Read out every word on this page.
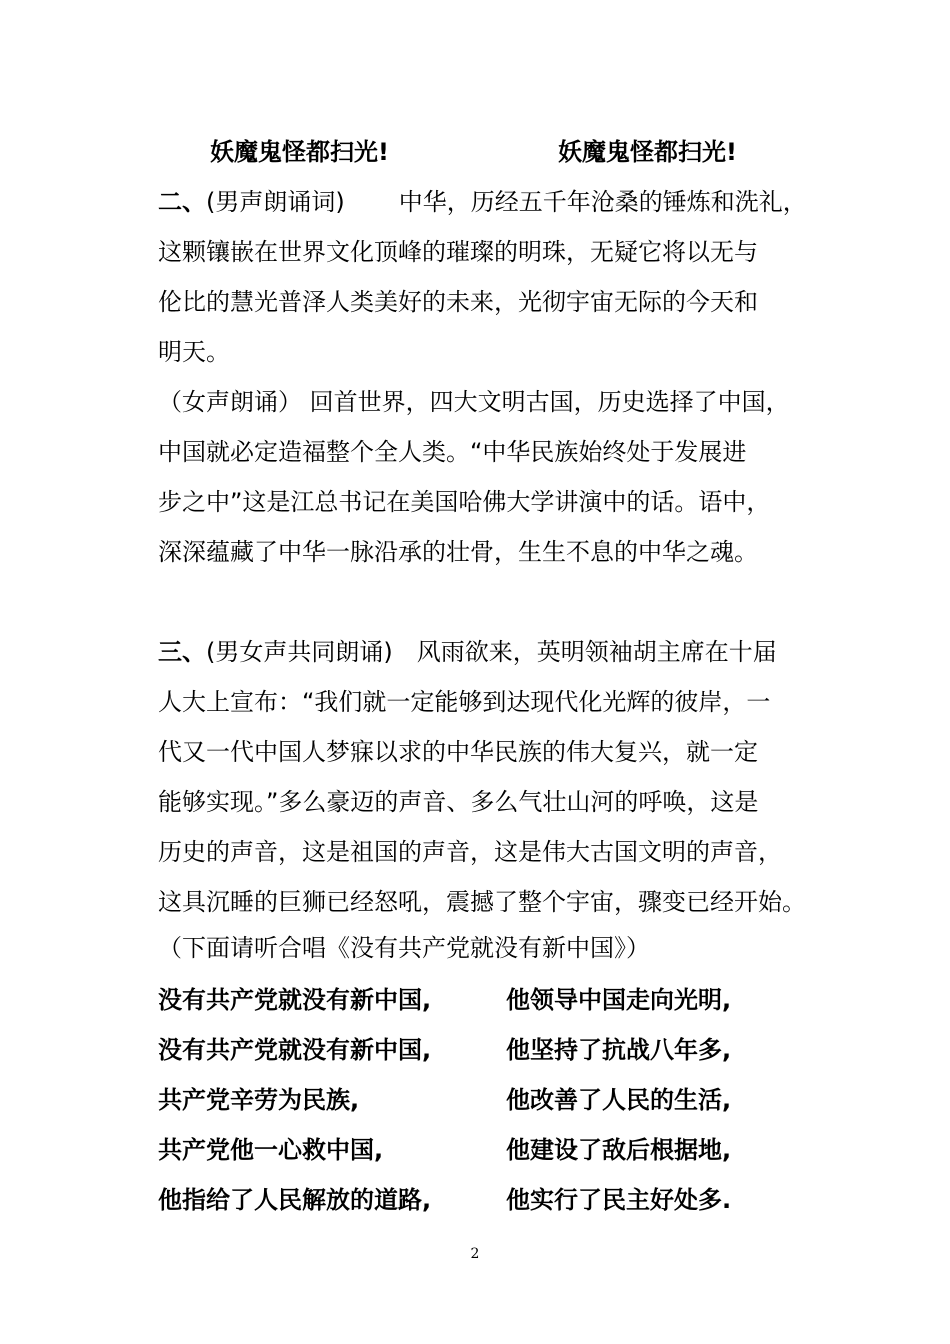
妖魔鬼怪都扫光!	妖魔鬼怪都扫光!
二、(男声朗诵词) 中华，历经五千年沧桑的锤炼和洗礼，
这颗镶嵌在世界文化顶峰的璀璨的明珠，无疑它将以无与
伦比的慧光普泽人类美好的未来，光彻宇宙无际的今天和
明天。
（女声朗诵） 回首世界，四大文明古国，历史选择了中国，
中国就必定造福整个全人类。“中华民族始终处于发展进
步之中”这是江总书记在美国哈佛大学讲演中的话。语中，
深深蕴藏了中华一脉沿承的壮骨，生生不息的中华之魂。
三、(男女声共同朗诵) 风雨欲来，英明领袖胡主席在十届
人大上宣布：“我们就一定能够到达现代化光辉的彼岸，一
代又一代中国人梦寐以求的中华民族的伟大复兴，就一定
能够实现。”多么豪迈的声音、多么气壮山河的呼唤，这是
历史的声音，这是祖国的声音，这是伟大古国文明的声音，
这具沉睡的巨狮已经怒吼，震撼了整个宇宙，骤变已经开始。
（下面请听合唱《没有共产党就没有新中国》）
没有共产党就没有新中国,	他领导中国走向光明,
没有共产党就没有新中国,	他坚持了抗战八年多,
共产党辛劳为民族,	他改善了人民的生活,
共产党他一心救中国,	他建设了敌后根据地,
他指给了人民解放的道路,	他实行了民主好处多.
2
